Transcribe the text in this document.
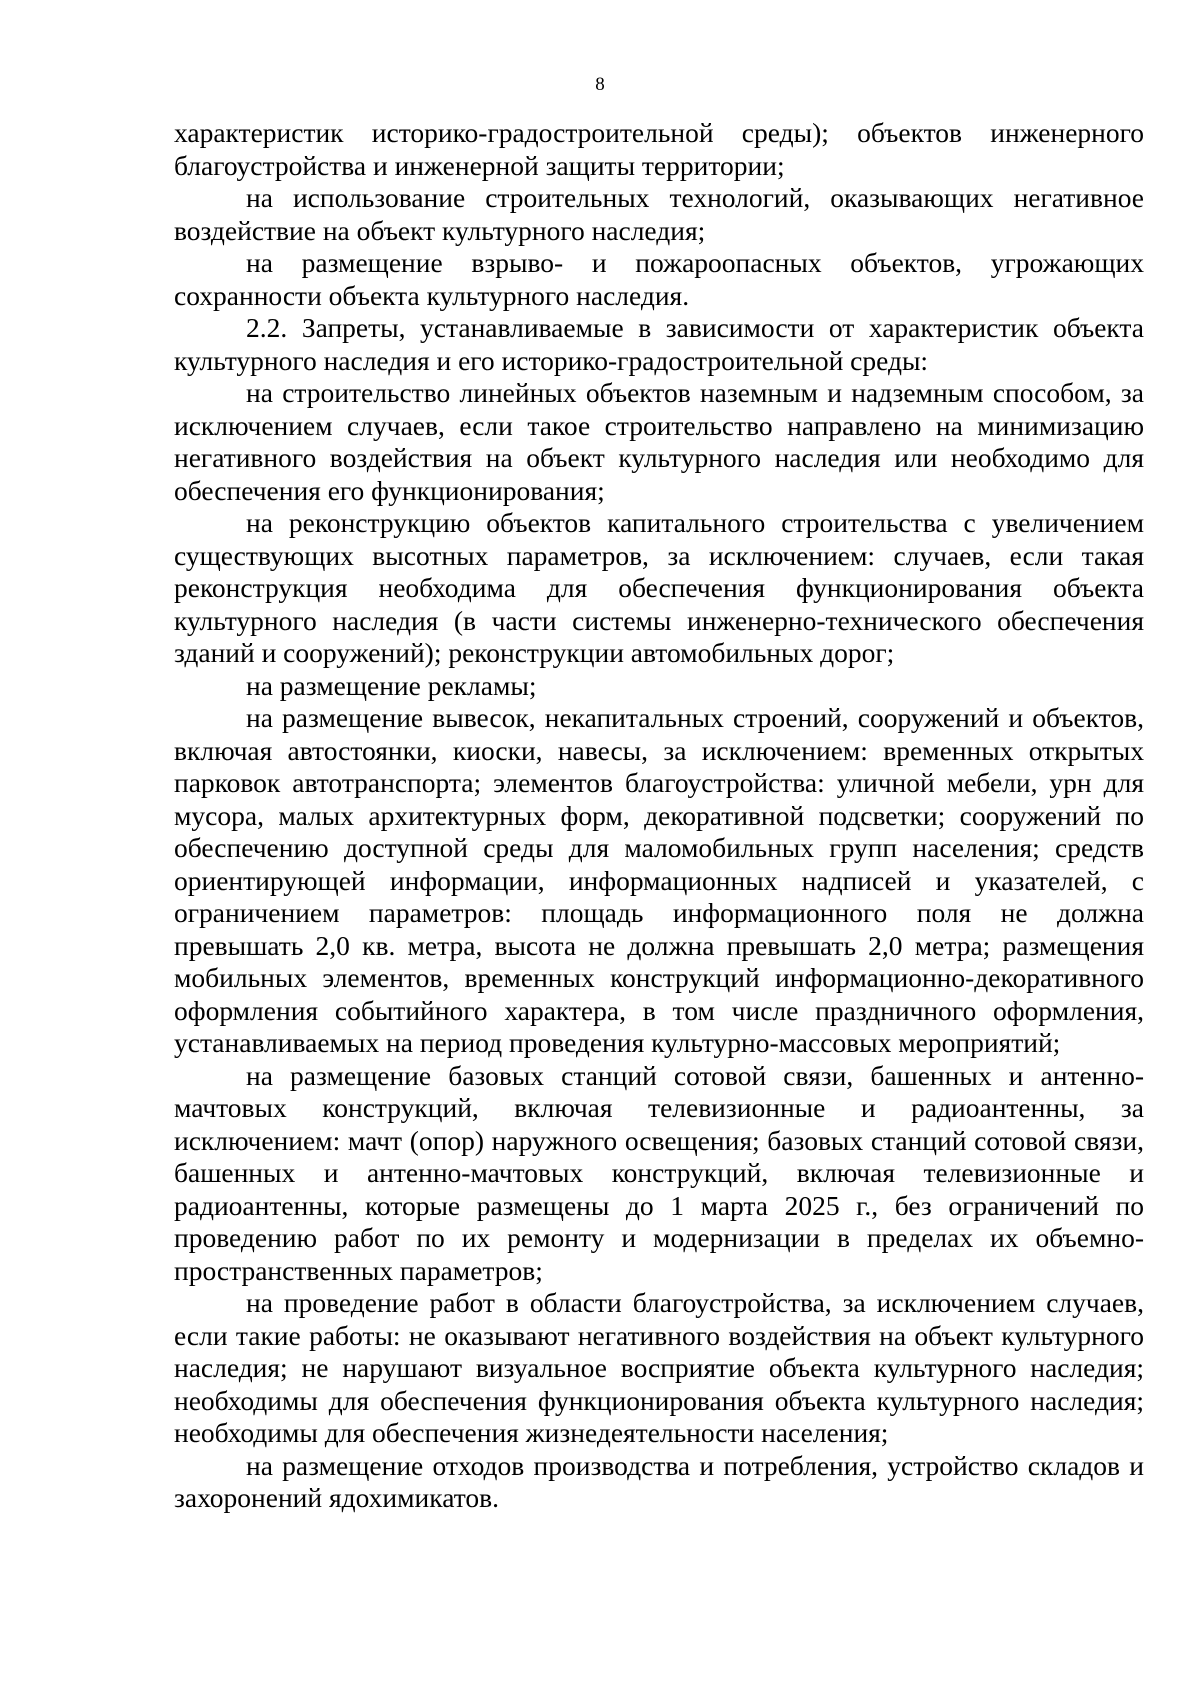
8

характеристик историко-градостроительной среды); объектов инженерного благоустройства и инженерной защиты территории;

на использование строительных технологий, оказывающих негативное воздействие на объект культурного наследия;

на размещение взрыво- и пожароопасных объектов, угрожающих сохранности объекта культурного наследия.

2.2. Запреты, устанавливаемые в зависимости от характеристик объекта культурного наследия и его историко-градостроительной среды:

на строительство линейных объектов наземным и надземным способом, за исключением случаев, если такое строительство направлено на минимизацию негативного воздействия на объект культурного наследия или необходимо для обеспечения его функционирования;

на реконструкцию объектов капитального строительства с увеличением существующих высотных параметров, за исключением: случаев, если такая реконструкция необходима для обеспечения функционирования объекта культурного наследия (в части системы инженерно-технического обеспечения зданий и сооружений); реконструкции автомобильных дорог;

на размещение рекламы;

на размещение вывесок, некапитальных строений, сооружений и объектов, включая автостоянки, киоски, навесы, за исключением: временных открытых парковок автотранспорта; элементов благоустройства: уличной мебели, урн для мусора, малых архитектурных форм, декоративной подсветки; сооружений по обеспечению доступной среды для маломобильных групп населения; средств ориентирующей информации, информационных надписей и указателей, с ограничением параметров: площадь информационного поля не должна превышать 2,0 кв. метра, высота не должна превышать 2,0 метра; размещения мобильных элементов, временных конструкций информационно-декоративного оформления событийного характера, в том числе праздничного оформления, устанавливаемых на период проведения культурно-массовых мероприятий;

на размещение базовых станций сотовой связи, башенных и антенно-мачтовых конструкций, включая телевизионные и радиоантенны, за исключением: мачт (опор) наружного освещения; базовых станций сотовой связи, башенных и антенно-мачтовых конструкций, включая телевизионные и радиоантенны, которые размещены до 1 марта 2025 г., без ограничений по проведению работ по их ремонту и модернизации в пределах их объемно-пространственных параметров;

на проведение работ в области благоустройства, за исключением случаев, если такие работы: не оказывают негативного воздействия на объект культурного наследия; не нарушают визуальное восприятие объекта культурного наследия; необходимы для обеспечения функционирования объекта культурного наследия; необходимы для обеспечения жизнедеятельности населения;

на размещение отходов производства и потребления, устройство складов и захоронений ядохимикатов.
